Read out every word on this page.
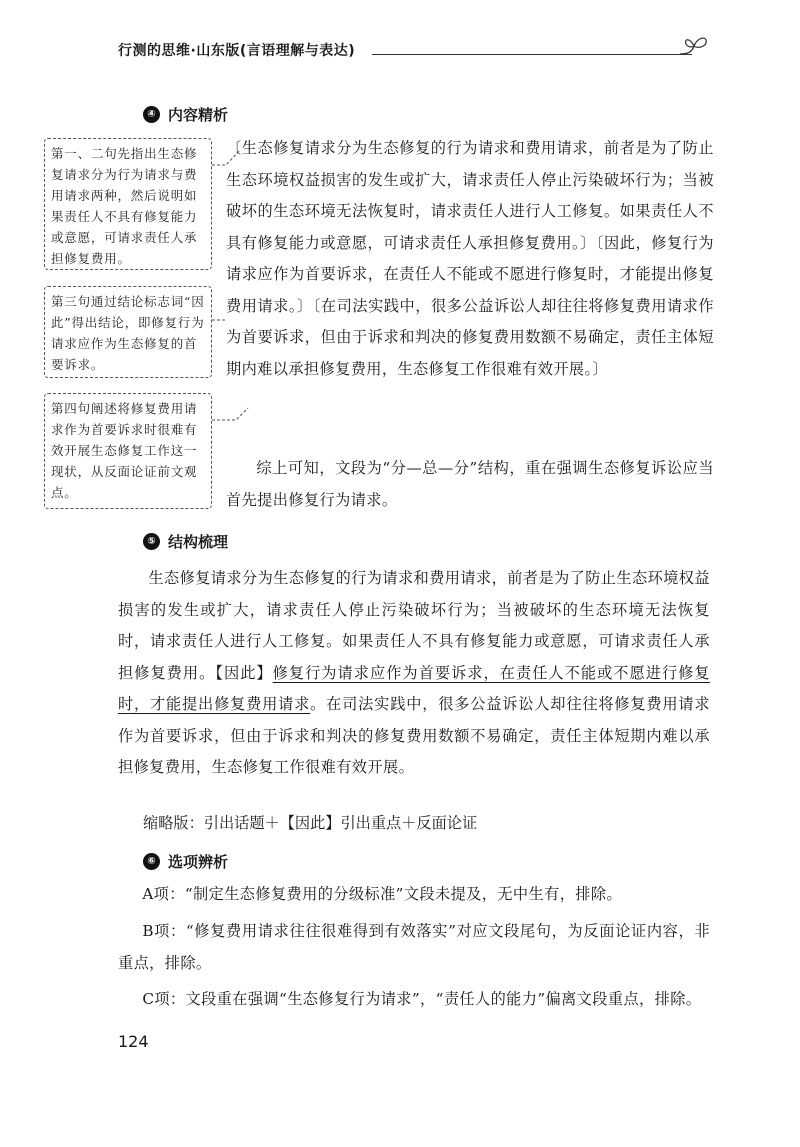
行测的思维·山东版(言语理解与表达)
④ 内容精析
第一、二句先指出生态修复请求分为行为请求与费用请求两种，然后说明如果责任人不具有修复能力或意愿，可请求责任人承担修复费用。
第三句通过结论标志词“因此”得出结论，即修复行为请求应作为生态修复的首要诉求。
第四句阐述将修复费用请求作为首要诉求时很难有效开展生态修复工作这一现状，从反面论证前文观点。

〔生态修复请求分为生态修复的行为请求和费用请求，前者是为了防止生态环境权益损害的发生或扩大，请求责任人停止污染破坏行为；当被破坏的生态环境无法恢复时，请求责任人进行人工修复。如果责任人不具有修复能力或意愿，可请求责任人承担修复费用。〕〔因此，修复行为请求应作为首要诉求，在责任人不能或不愿进行修复时，才能提出修复费用请求。〕〔在司法实践中，很多公益诉讼人却往往将修复费用请求作为首要诉求，但由于诉求和判决的修复费用数额不易确定，责任主体短期内难以承担修复费用，生态修复工作很难有效开展。〕

综上可知，文段为“分—总—分”结构，重在强调生态修复诉讼应当首先提出修复行为请求。

⑤ 结构梳理

生态修复请求分为生态修复的行为请求和费用请求，前者是为了防止生态环境权益损害的发生或扩大，请求责任人停止污染破坏行为；当被破坏的生态环境无法恢复时，请求责任人进行人工修复。如果责任人不具有修复能力或意愿，可请求责任人承担修复费用。【因此】修复行为请求应作为首要诉求，在责任人不能或不愿进行修复时，才能提出修复费用请求。在司法实践中，很多公益诉讼人却往往将修复费用请求作为首要诉求，但由于诉求和判决的修复费用数额不易确定，责任主体短期内难以承担修复费用，生态修复工作很难有效开展。

缩略版：引出话题＋【因此】引出重点＋反面论证
⑥ 选项辨析

A项：“制定生态修复费用的分级标准”文段未提及，无中生有，排除。

B项：“修复费用请求往往很难得到有效落实”对应文段尾句，为反面论证内容，非重点，排除。

C项：文段重在强调“生态修复行为请求”，“责任人的能力”偏离文段重点，排除。

124
